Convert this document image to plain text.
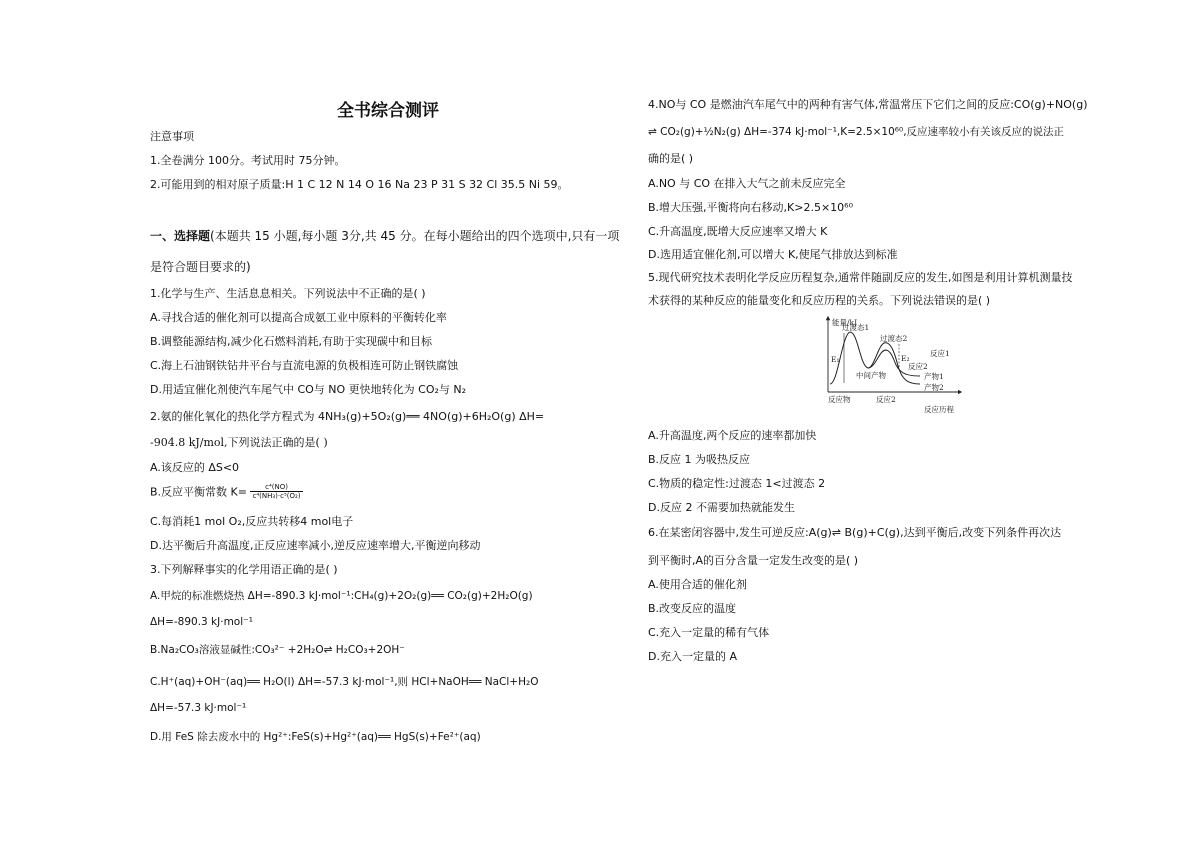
全书综合测评
注意事项
1.全卷满分 100分。考试用时 75分钟。
2.可能用到的相对原子质量:H 1 C 12 N 14 O 16 Na 23 P 31 S 32 Cl 35.5 Ni 59。
一、选择题(本题共 15 小题,每小题 3分,共 45 分。在每小题给出的四个选项中,只有一项
是符合题目要求的)
1.化学与生产、生活息息相关。下列说法中不正确的是( )
A.寻找合适的催化剂可以提高合成氨工业中原料的平衡转化率
B.调整能源结构,减少化石燃料消耗,有助于实现碳中和目标
C.海上石油钢铁钻井平台与直流电源的负极相连可防止钢铁腐蚀
D.用适宜催化剂使汽车尾气中 CO与 NO 更快地转化为 CO₂与 N₂
2.氨的催化氧化的热化学方程式为 4NH₃(g)+5O₂(g)══ 4NO(g)+6H₂O(g) ΔH=
-904.8 kJ/mol,下列说法正确的是( )
A.该反应的 ΔS<0
B.反应平衡常数 $K= \frac{\text{c⁴(NO)}}{\text{c⁴(NH₃)·c⁵(O₂)}}$
C.每消耗1 mol O₂,反应共转移4 mol电子
D.达平衡后升高温度,正反应速率减小,逆反应速率增大,平衡逆向移动
3.下列解释事实的化学用语正确的是( )
A.甲烷的标准燃烧热 ΔH=-890.3 kJ·mol⁻¹:CH₄(g)+2O₂(g)══ CO₂(g)+2H₂O(g)
ΔH=-890.3 kJ·mol⁻¹
B.Na₂CO₃溶液显碱性:CO₃²⁻ +2H₂O⇌ H₂CO₃+2OH⁻
C.H⁺(aq)+OH⁻(aq)══ H₂O(l) ΔH=-57.3 kJ·mol⁻¹,则 HCl+NaOH══ NaCl+H₂O
ΔH=-57.3 kJ·mol⁻¹
D.用 FeS 除去废水中的 Hg²⁺:FeS(s)+Hg²⁺(aq)══ HgS(s)+Fe²⁺(aq)
4.NO与 CO 是燃油汽车尾气中的两种有害气体,常温常压下它们之间的反应:CO(g)+NO(g)
⇌ CO₂(g)+½N₂(g) ΔH=-374 kJ·mol⁻¹,K=2.5×10⁶⁰,反应速率较小有关该反应的说法正
确的是( )
A.NO 与 CO 在排入大气之前未反应完全
B.增大压强,平衡将向右移动,K>2.5×10⁶⁰
C.升高温度,既增大反应速率又增大 K
D.选用适宜催化剂,可以增大 K,使尾气排放达到标准
5.现代研究技术表明化学反应历程复杂,通常伴随副反应的发生,如图是利用计算机测量技
术获得的某种反应的能量变化和反应历程的关系。下列说法错误的是( )
能量/kJ
反应历程
过渡态1
过渡态2
E₁	E₂
反应物
中间产物
反应1
反应2
产物1
产物2
反应2
A.升高温度,两个反应的速率都加快
B.反应 1 为吸热反应
C.物质的稳定性:过渡态 1<过渡态 2
D.反应 2 不需要加热就能发生
6.在某密闭容器中,发生可逆反应:A(g)⇌ B(g)+C(g),达到平衡后,改变下列条件再次达
到平衡时,A的百分含量一定发生改变的是( )
A.使用合适的催化剂
B.改变反应的温度
C.充入一定量的稀有气体
D.充入一定量的 A
